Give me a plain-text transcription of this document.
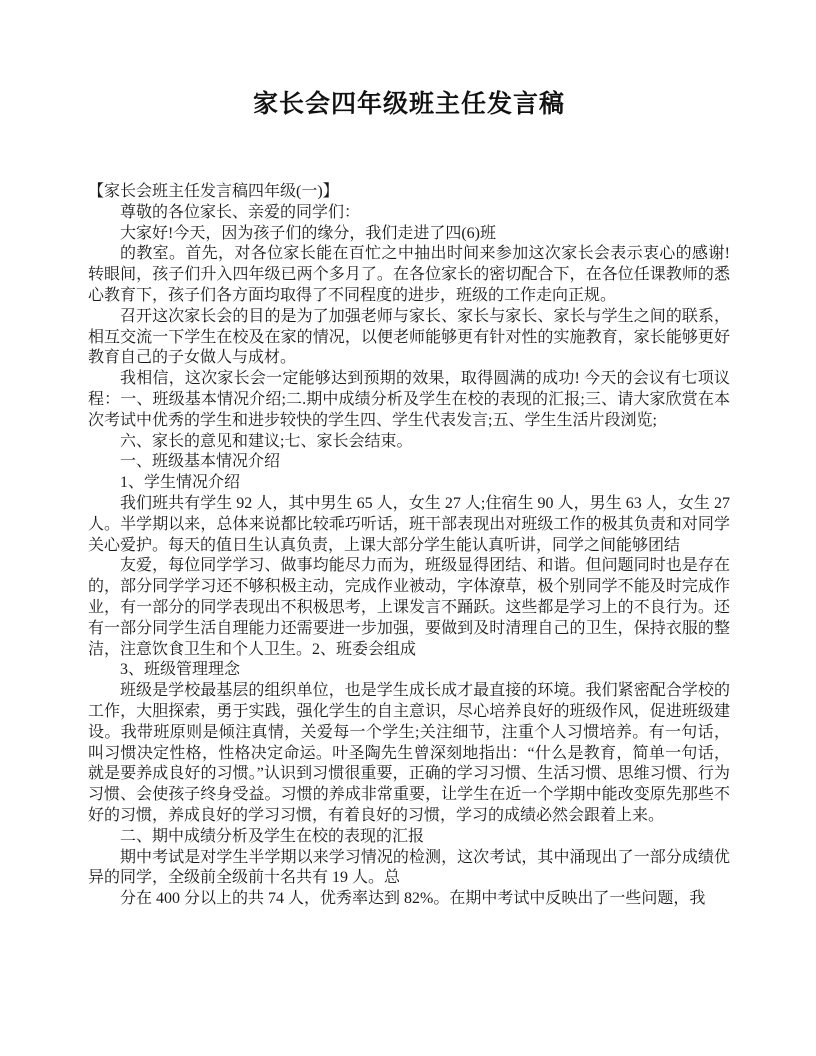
家长会四年级班主任发言稿

【家长会班主任发言稿四年级(一)】

尊敬的各位家长、亲爱的同学们：

大家好!今天，因为孩子们的缘分，我们走进了四(6)班

的教室。首先，对各位家长能在百忙之中抽出时间来参加这次家长会表示衷心的感谢!转眼间，孩子们升入四年级已两个多月了。在各位家长的密切配合下，在各位任课教师的悉心教育下，孩子们各方面均取得了不同程度的进步，班级的工作走向正规。

召开这次家长会的目的是为了加强老师与家长、家长与家长、家长与学生之间的联系，相互交流一下学生在校及在家的情况，以便老师能够更有针对性的实施教育，家长能够更好教育自己的子女做人与成材。

我相信，这次家长会一定能够达到预期的效果，取得圆满的成功! 今天的会议有七项议程：一、班级基本情况介绍;二.期中成绩分析及学生在校的表现的汇报;三、请大家欣赏在本次考试中优秀的学生和进步较快的学生四、学生代表发言;五、学生生活片段浏览;

六、家长的意见和建议;七、家长会结束。

一、班级基本情况介绍

1、学生情况介绍

我们班共有学生 92 人，其中男生 65 人，女生 27 人;住宿生 90 人，男生 63 人，女生 27 人。半学期以来，总体来说都比较乖巧听话，班干部表现出对班级工作的极其负责和对同学关心爱护。每天的值日生认真负责，上课大部分学生能认真听讲，同学之间能够团结

友爱，每位同学学习、做事均能尽力而为，班级显得团结、和谐。但问题同时也是存在的，部分同学学习还不够积极主动，完成作业被动，字体潦草，极个别同学不能及时完成作业，有一部分的同学表现出不积极思考，上课发言不踊跃。这些都是学习上的不良行为。还有一部分同学生活自理能力还需要进一步加强，要做到及时清理自己的卫生，保持衣服的整洁，注意饮食卫生和个人卫生。2、班委会组成

3、班级管理理念

班级是学校最基层的组织单位，也是学生成长成才最直接的环境。我们紧密配合学校的工作，大胆探索，勇于实践，强化学生的自主意识，尽心培养良好的班级作风，促进班级建设。我带班原则是倾注真情，关爱每一个学生;关注细节，注重个人习惯培养。有一句话，叫习惯决定性格，性格决定命运。叶圣陶先生曾深刻地指出：“什么是教育，简单一句话，就是要养成良好的习惯。”认识到习惯很重要，正确的学习习惯、生活习惯、思维习惯、行为习惯、会使孩子终身受益。习惯的养成非常重要，让学生在近一个学期中能改变原先那些不好的习惯，养成良好的学习习惯，有着良好的习惯，学习的成绩必然会跟着上来。

二、期中成绩分析及学生在校的表现的汇报

期中考试是对学生半学期以来学习情况的检测，这次考试，其中涌现出了一部分成绩优异的同学，全级前全级前十名共有 19 人。总

分在 400 分以上的共 74 人，优秀率达到 82%。在期中考试中反映出了一些问题，我
